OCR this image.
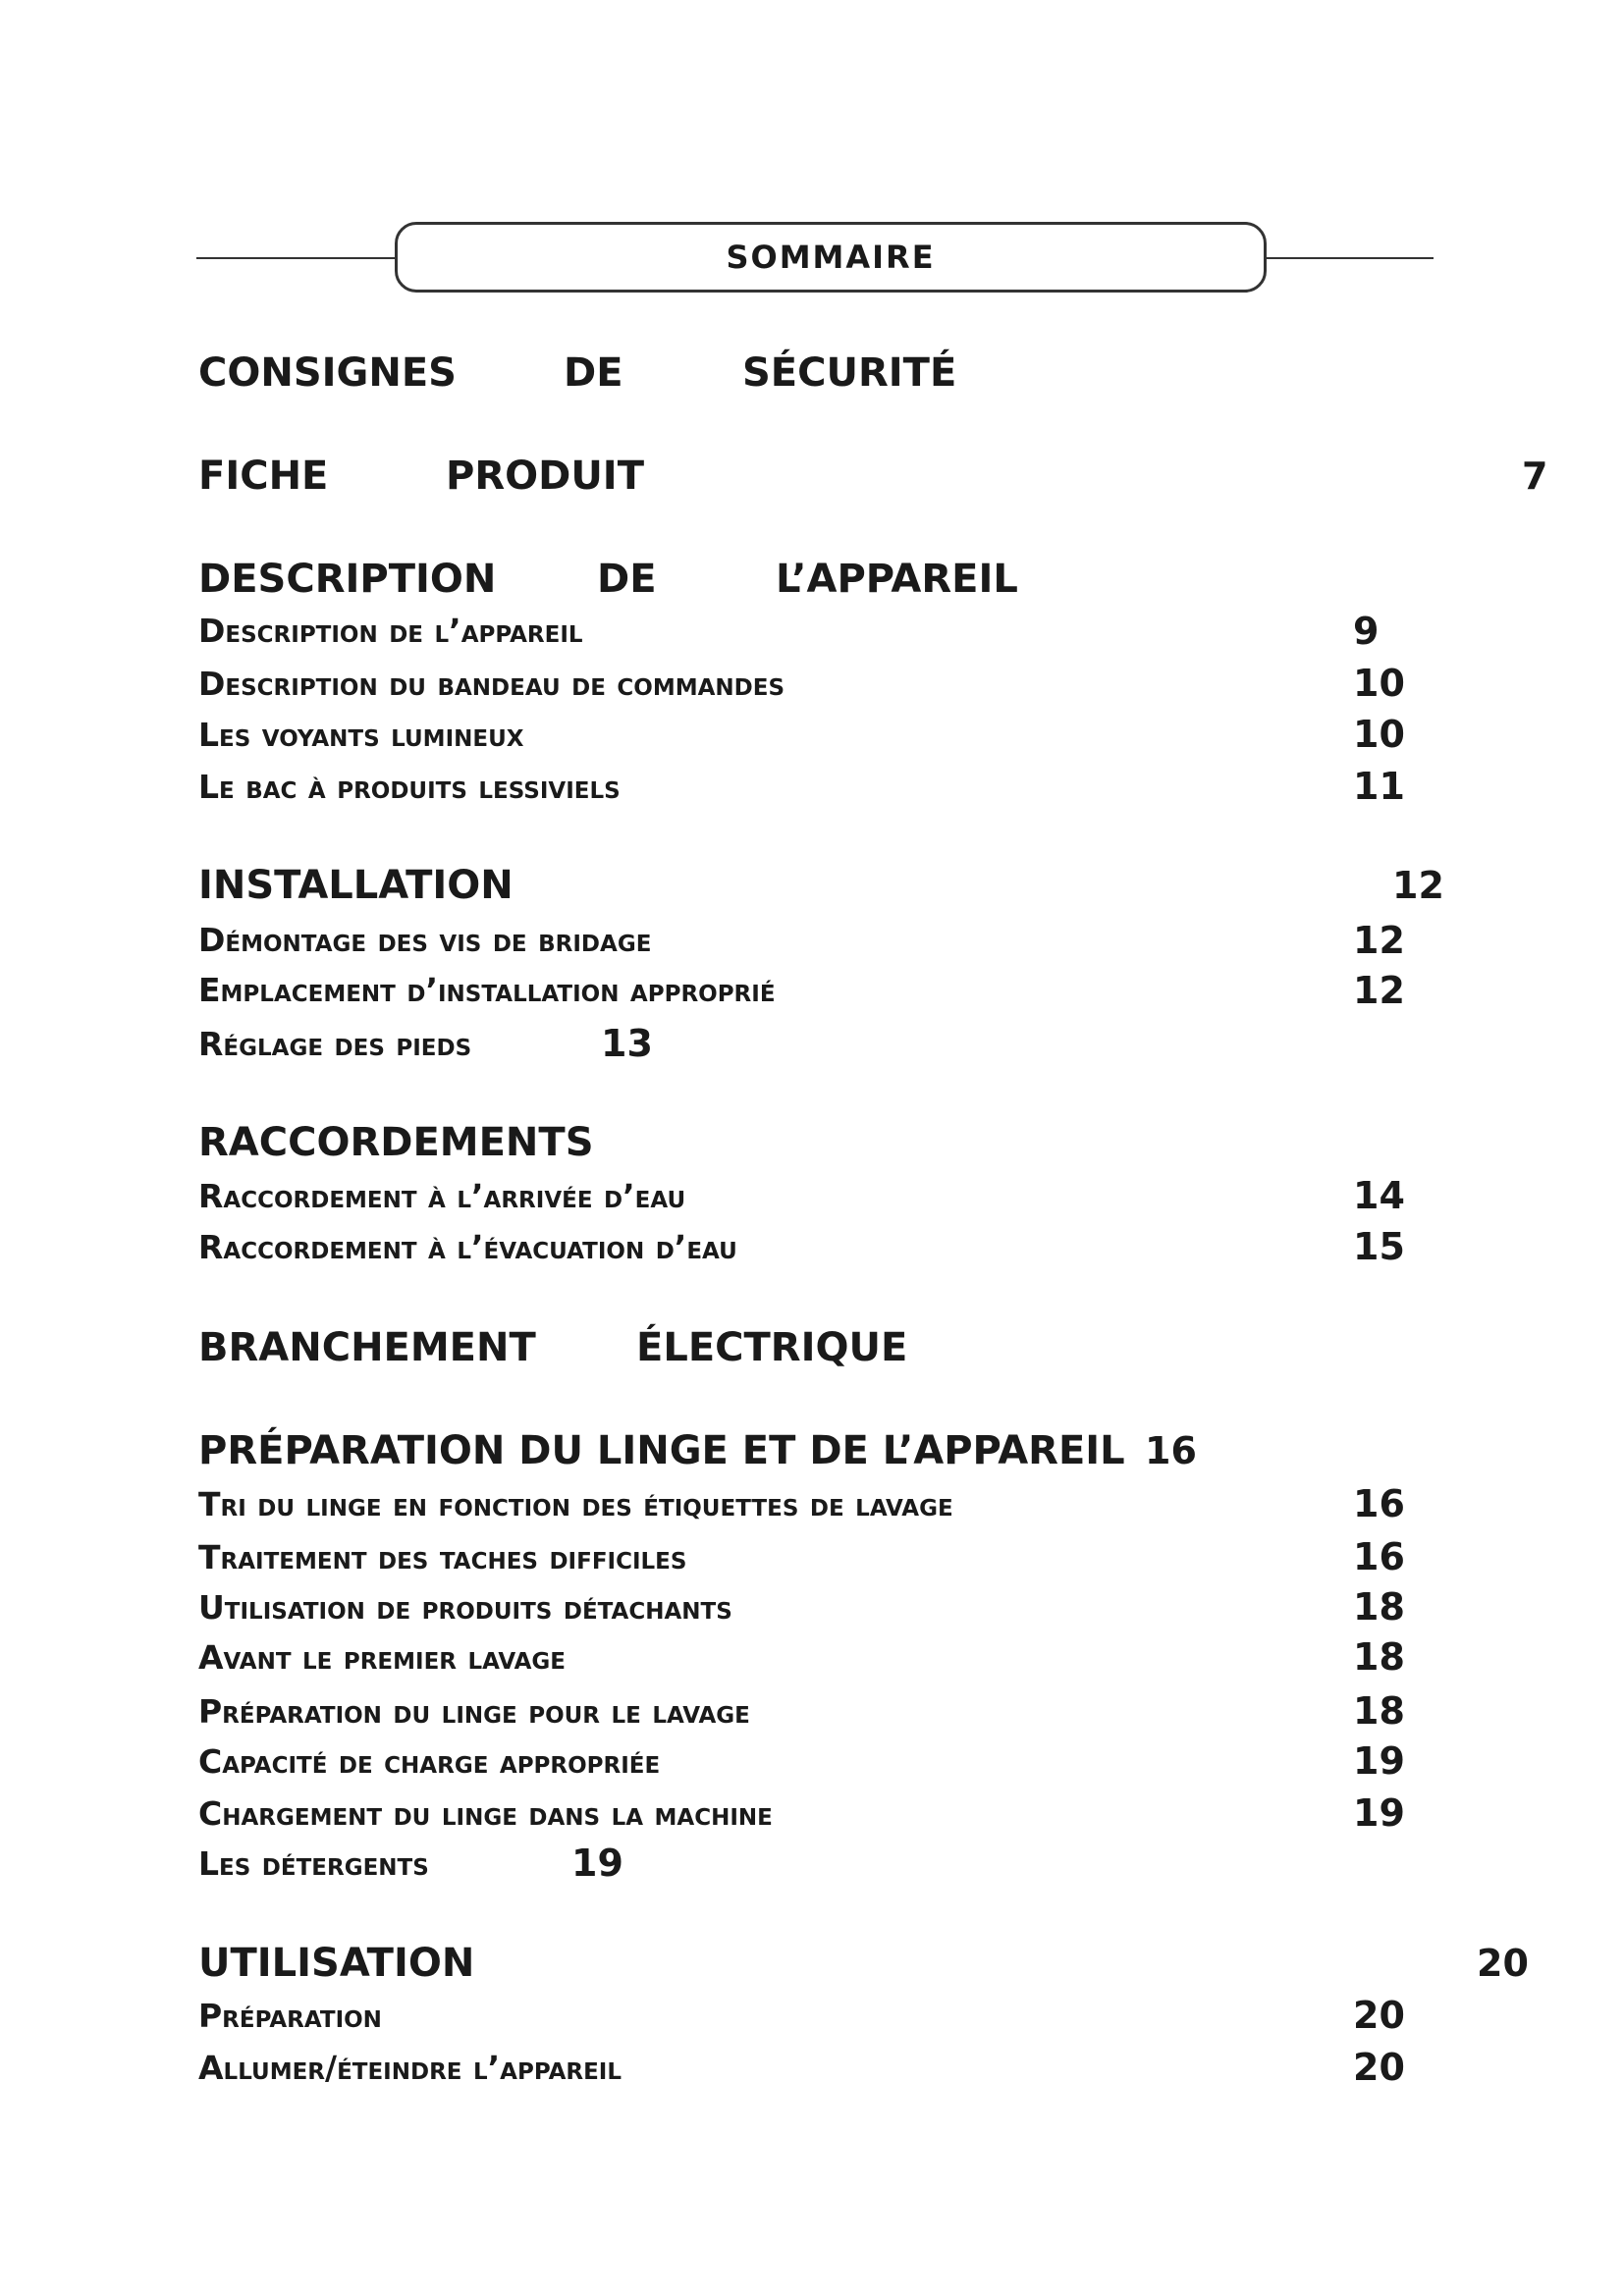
SOMMAIRE
CONSIGNES	DE	SÉCURITÉ
FICHE	PRODUIT	7
DESCRIPTION	DE	L’APPAREIL
Description de l’appareil	9
Description du bandeau de commandes	10
Les voyants lumineux	10
Le bac à produits lessiviels	11
INSTALLATION	12
Démontage des vis de bridage	12
Emplacement d’installation approprié	12
Réglage des pieds	13
RACCORDEMENTS
Raccordement à l’arrivée d’eau	14
Raccordement à l’évacuation d’eau	15
BRANCHEMENT	ÉLECTRIQUE
PRÉPARATION DU LINGE ET DE L’APPAREIL 16
Tri du linge en fonction des étiquettes de lavage	16
Traitement des taches difficiles	16
Utilisation de produits détachants	18
Avant le premier lavage	18
Préparation du linge pour le lavage	18
Capacité de charge appropriée	19
Chargement du linge dans la machine	19
Les détergents	19
UTILISATION	20
Préparation	20
Allumer/éteindre l’appareil	20
